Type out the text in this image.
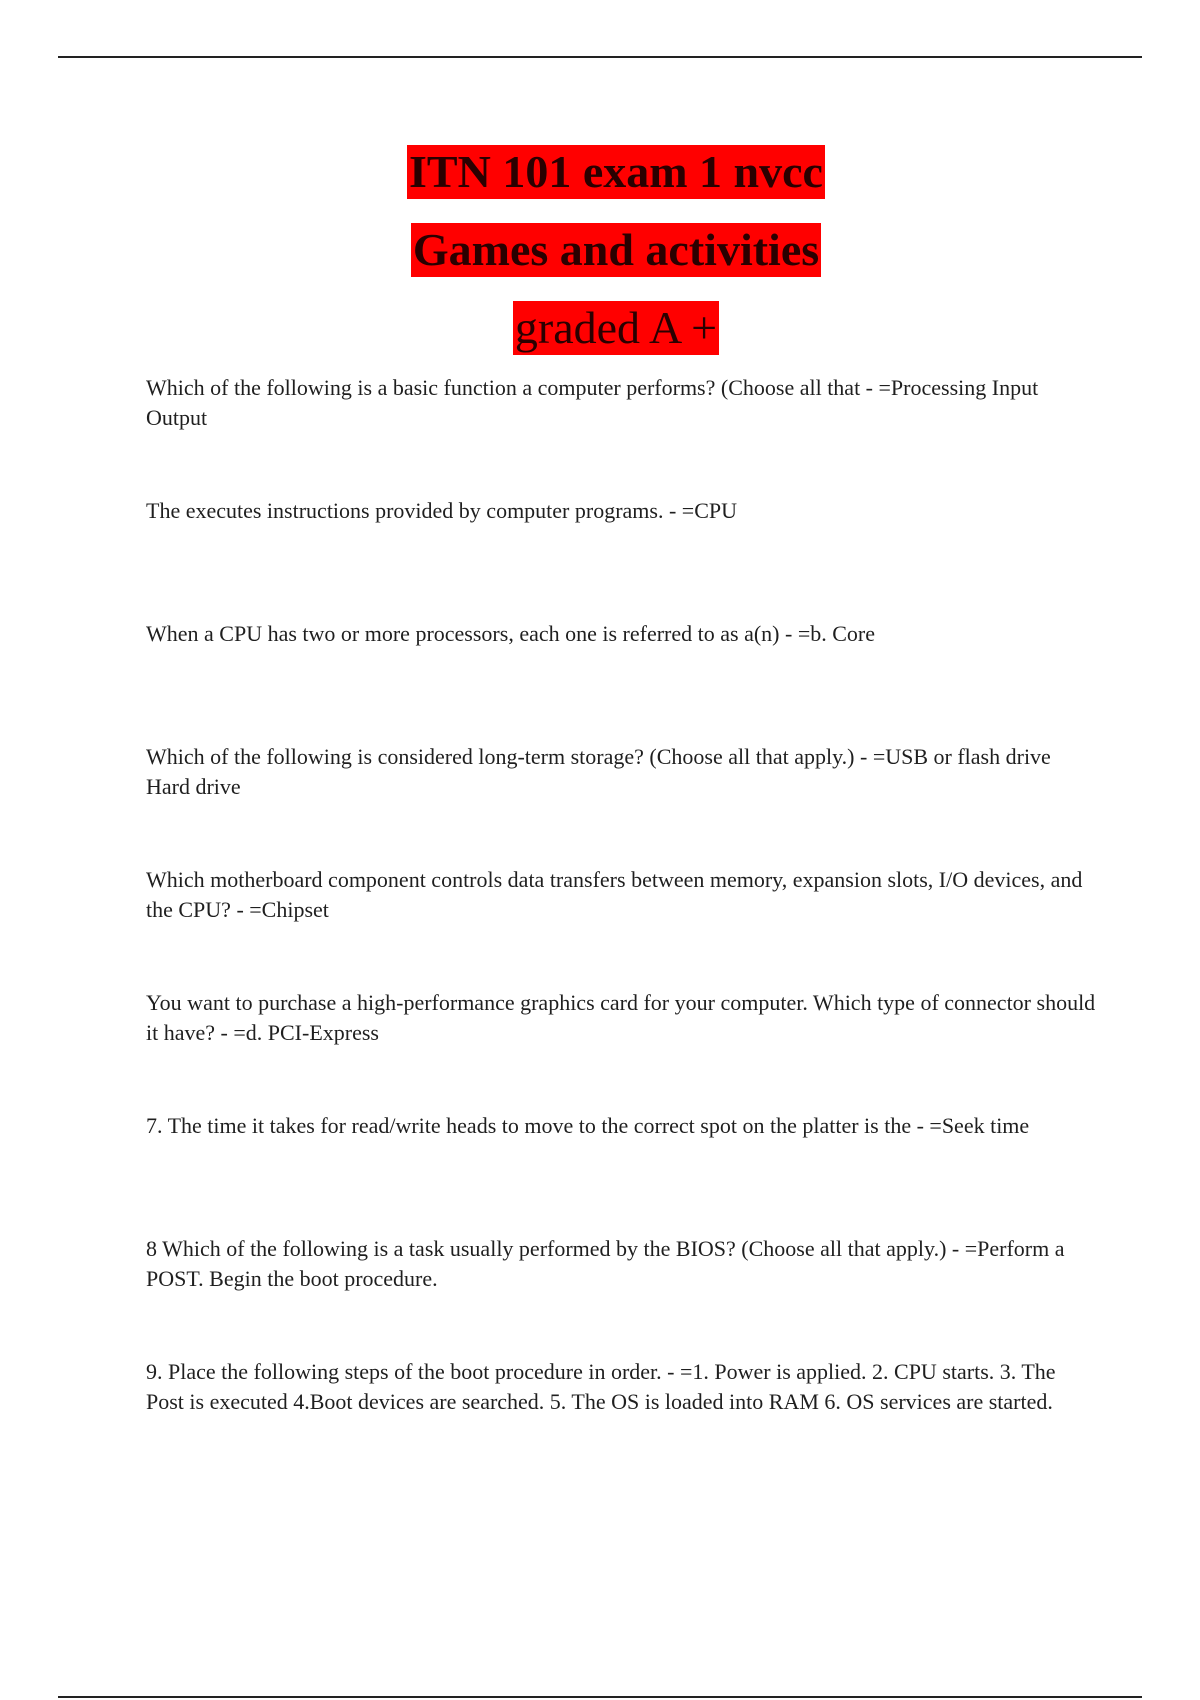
ITN 101 exam 1 nvcc
Games and activities
graded A +

Which of the following is a basic function a computer performs? (Choose all that - =Processing Input Output

The executes instructions provided by computer programs. - =CPU

When a CPU has two or more processors, each one is referred to as a(n) - =b. Core

Which of the following is considered long-term storage? (Choose all that apply.) - =USB or flash drive Hard drive

Which motherboard component controls data transfers between memory, expansion slots, I/O devices, and the CPU? - =Chipset

You want to purchase a high-performance graphics card for your computer. Which type of connector should it have? - =d. PCI-Express

7. The time it takes for read/write heads to move to the correct spot on the platter is the - =Seek time

8 Which of the following is a task usually performed by the BIOS? (Choose all that apply.) - =Perform a POST. Begin the boot procedure.

9. Place the following steps of the boot procedure in order. - =1. Power is applied. 2. CPU starts. 3. The Post is executed 4.Boot devices are searched. 5. The OS is loaded into RAM 6. OS services are started.
